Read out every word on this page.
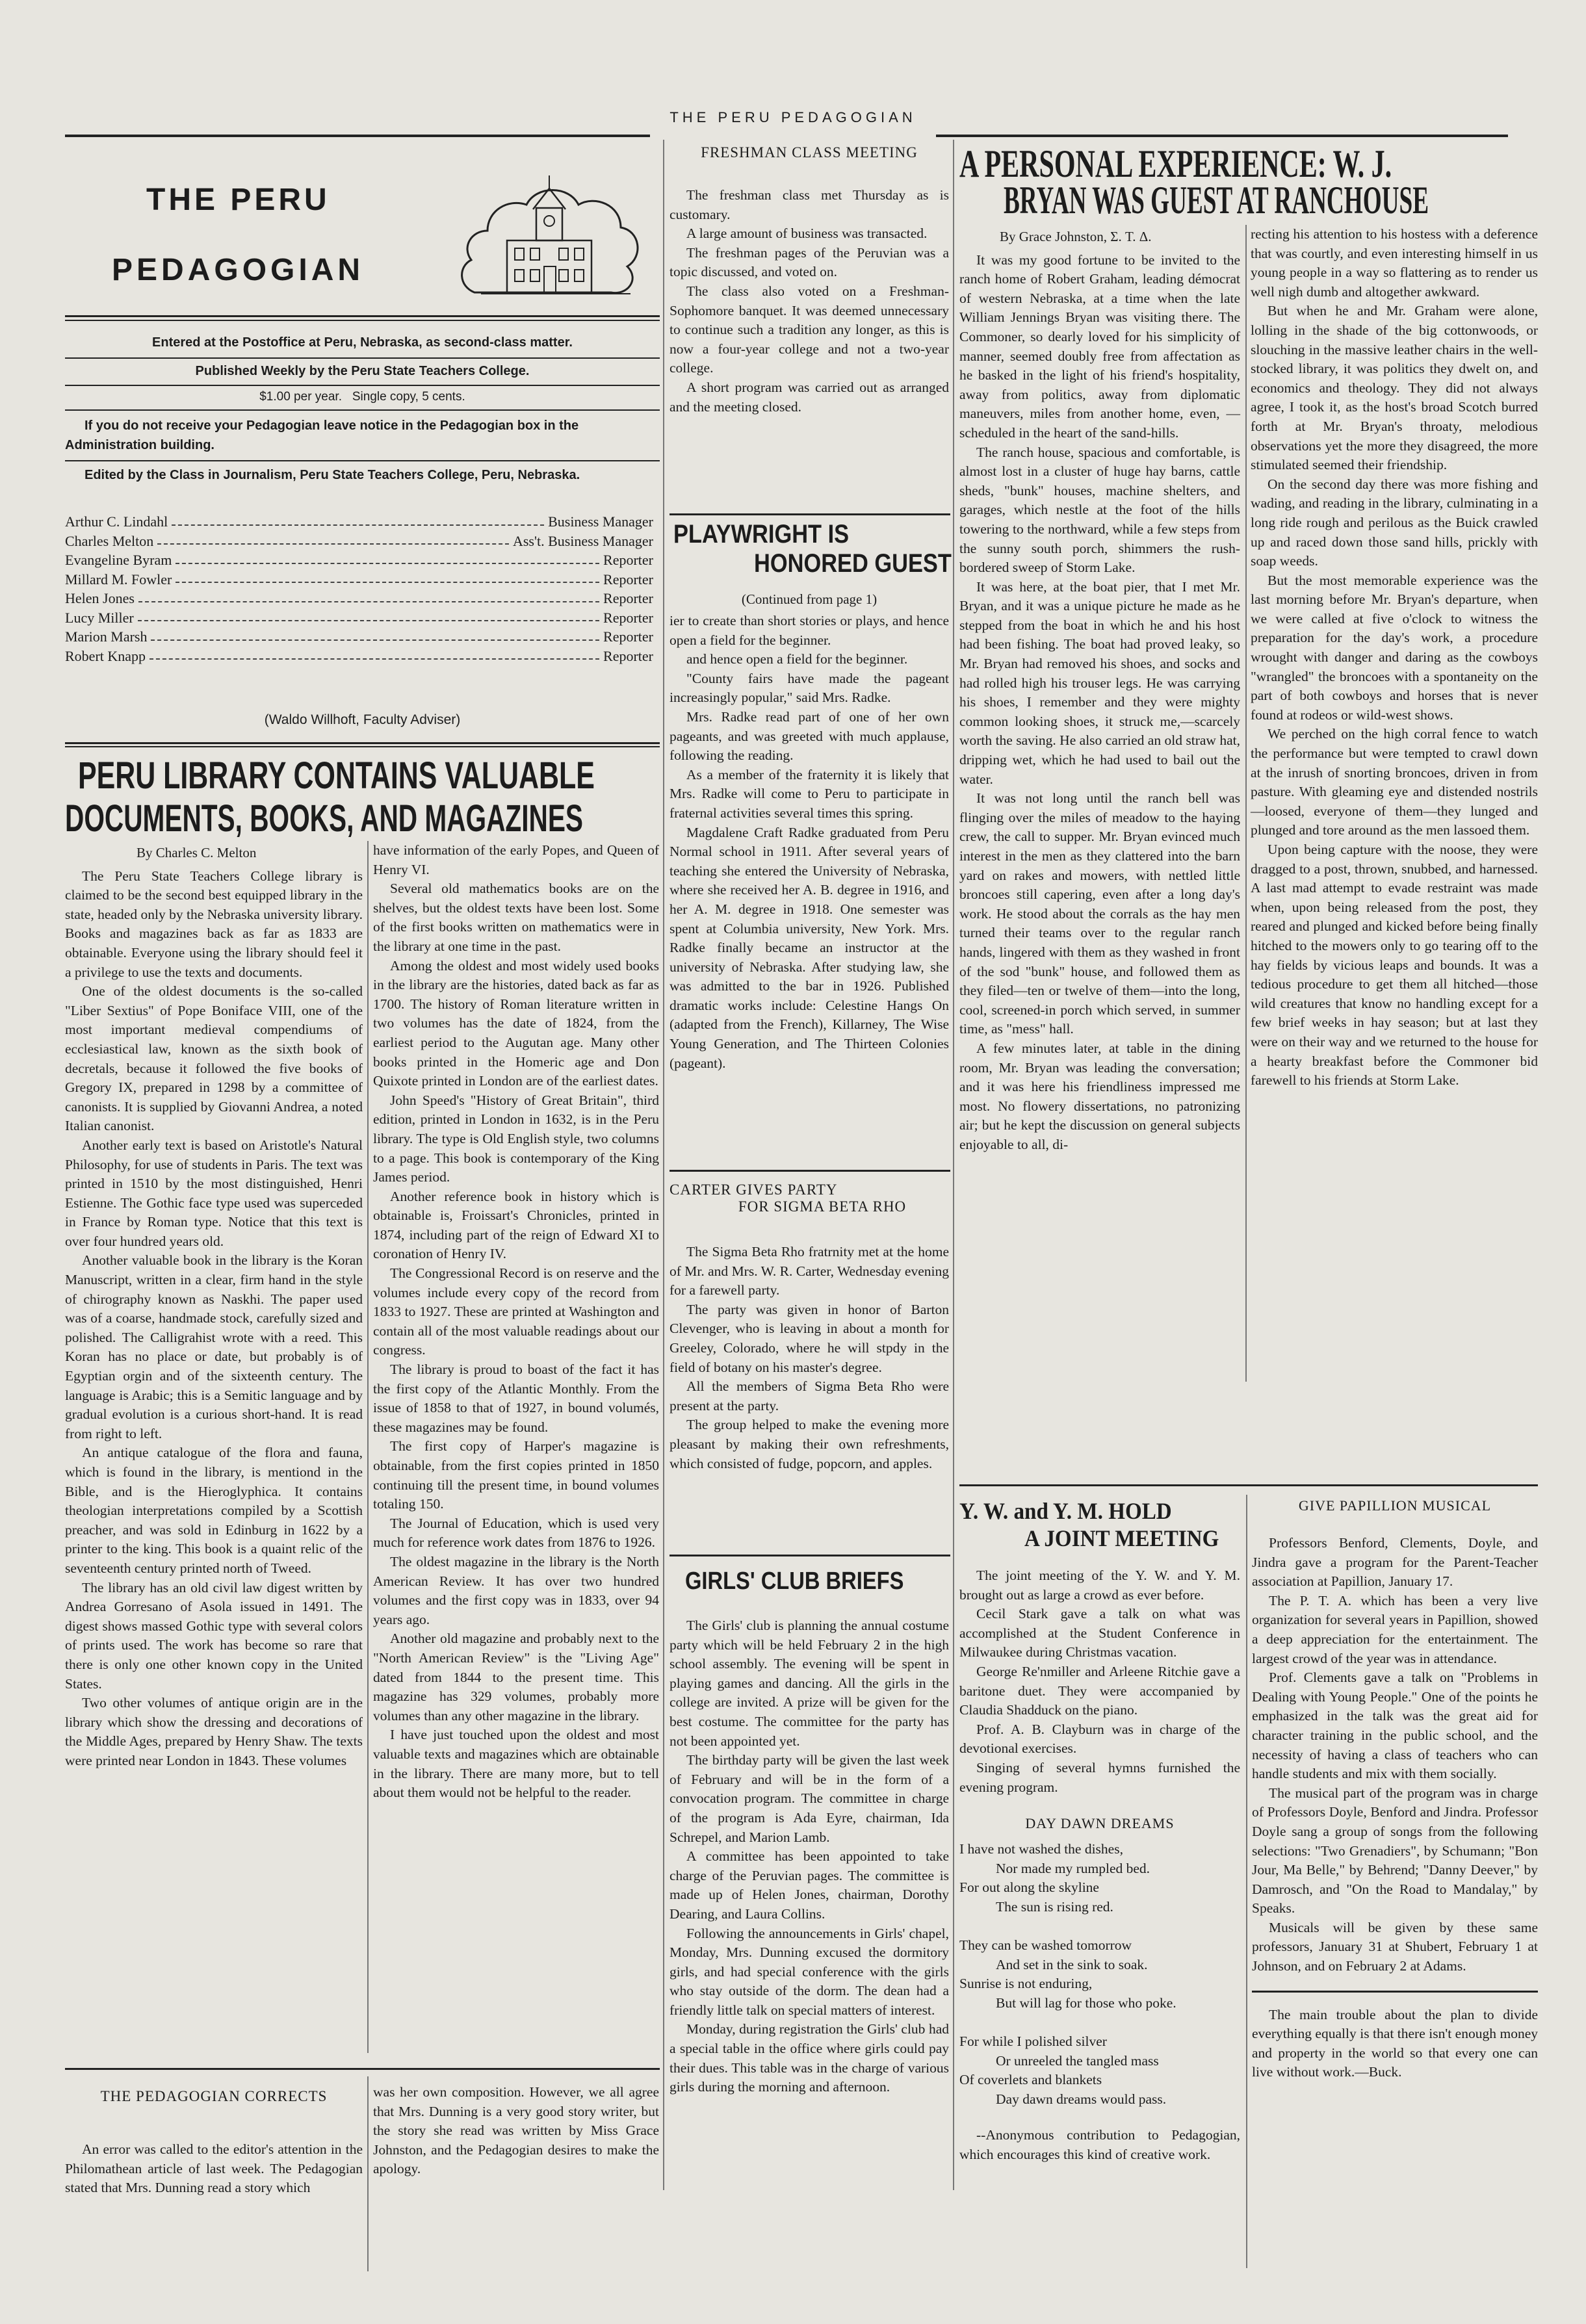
THE PERU PEDAGOGIAN
THE PERU
PEDAGOGIAN
Entered at the Postoffice at Peru, Nebraska, as second-class matter.
Published Weekly by the Peru State Teachers College.
$1.00 per year.   Single copy, 5 cents.
If you do not receive your Pedagogian leave notice in the Pedagogian box in the Administration building.
Edited by the Class in Journalism, Peru State Teachers College, Peru, Nebraska.
Arthur C. Lindahl	Business Manager
Charles Melton	Ass't. Business Manager
Evangeline Byram	Reporter
Millard M. Fowler	Reporter
Helen Jones	Reporter
Lucy Miller	Reporter
Marion Marsh	Reporter
Robert Knapp	Reporter
(Waldo Willhoft, Faculty Adviser)
PERU LIBRARY CONTAINS VALUABLE
DOCUMENTS, BOOKS, AND MAGAZINES
By Charles C. Melton

The Peru State Teachers College library is claimed to be the second best equipped library in the state, headed only by the Nebraska university library. Books and magazines back as far as 1833 are obtainable. Everyone using the library should feel it a privilege to use the texts and documents.

One of the oldest documents is the so-called "Liber Sextius" of Pope Boniface VIII, one of the most important medieval compendiums of ecclesiastical law, known as the sixth book of decretals, because it followed the five books of Gregory IX, prepared in 1298 by a committee of canonists. It is supplied by Giovanni Andrea, a noted Italian canonist.

Another early text is based on Aristotle's Natural Philosophy, for use of students in Paris. The text was printed in 1510 by the most distinguished, Henri Estienne. The Gothic face type used was superceded in France by Roman type. Notice that this text is over four hundred years old.

Another valuable book in the library is the Koran Manuscript, written in a clear, firm hand in the style of chirography known as Naskhi. The paper used was of a coarse, handmade stock, carefully sized and polished. The Calligrahist wrote with a reed. This Koran has no place or date, but probably is of Egyptian orgin and of the sixteenth century. The language is Arabic; this is a Semitic language and by gradual evolution is a curious short-hand. It is read from right to left.

An antique catalogue of the flora and fauna, which is found in the library, is mentiond in the Bible, and is the Hieroglyphica. It contains theologian interpretations compiled by a Scottish preacher, and was sold in Edinburg in 1622 by a printer to the king. This book is a quaint relic of the seventeenth century printed north of Tweed.

The library has an old civil law digest written by Andrea Gorresano of Asola issued in 1491. The digest shows massed Gothic type with several colors of prints used. The work has become so rare that there is only one other known copy in the United States.

Two other volumes of antique origin are in the library which show the dressing and decorations of the Middle Ages, prepared by Henry Shaw. The texts were printed near London in 1843. These volumes

have information of the early Popes, and Queen of Henry VI.

Several old mathematics books are on the shelves, but the oldest texts have been lost. Some of the first books written on mathematics were in the library at one time in the past.

Among the oldest and most widely used books in the library are the histories, dated back as far as 1700. The history of Roman literature written in two volumes has the date of 1824, from the earliest period to the Augutan age. Many other books printed in the Homeric age and Don Quixote printed in London are of the earliest dates.

John Speed's "History of Great Britain", third edition, printed in London in 1632, is in the Peru library. The type is Old English style, two columns to a page. This book is contemporary of the King James period.

Another reference book in history which is obtainable is, Froissart's Chronicles, printed in 1874, including part of the reign of Edward XI to coronation of Henry IV.

The Congressional Record is on reserve and the volumes include every copy of the record from 1833 to 1927. These are printed at Washington and contain all of the most valuable readings about our congress.

The library is proud to boast of the fact it has the first copy of the Atlantic Monthly. From the issue of 1858 to that of 1927, in bound volumés, these magazines may be found.

The first copy of Harper's magazine is obtainable, from the first copies printed in 1850 continuing till the present time, in bound volumes totaling 150.

The Journal of Education, which is used very much for reference work dates from 1876 to 1926.

The oldest magazine in the library is the North American Review. It has over two hundred volumes and the first copy was in 1833, over 94 years ago.

Another old magazine and probably next to the "North American Review" is the "Living Age" dated from 1844 to the present time. This magazine has 329 volumes, probably more volumes than any other magazine in the library.

I have just touched upon the oldest and most valuable texts and magazines which are obtainable in the library. There are many more, but to tell about them would not be helpful to the reader.

THE PEDAGOGIAN CORRECTS

An error was called to the editor's attention in the Philomathean article of last week. The Pedagogian stated that Mrs. Dunning read a story which

was her own composition. However, we all agree that Mrs. Dunning is a very good story writer, but the story she read was written by Miss Grace Johnston, and the Pedagogian desires to make the apology.

FRESHMAN CLASS MEETING

The freshman class met Thursday as is customary.

A large amount of business was transacted.

The freshman pages of the Peruvian was a topic discussed, and voted on.

The class also voted on a Freshman-Sophomore banquet. It was deemed unnecessary to continue such a tradition any longer, as this is now a four-year college and not a two-year college.

A short program was carried out as arranged and the meeting closed.

PLAYWRIGHT IS
HONORED GUEST
(Continued from page 1)

ier to create than short stories or plays, and hence open a field for the beginner.

and hence open a field for the beginner.

"County fairs have made the pageant increasingly popular," said Mrs. Radke.

Mrs. Radke read part of one of her own pageants, and was greeted with much applause, following the reading.

As a member of the fraternity it is likely that Mrs. Radke will come to Peru to participate in fraternal activities several times this spring.

Magdalene Craft Radke graduated from Peru Normal school in 1911. After several years of teaching she entered the University of Nebraska, where she received her A. B. degree in 1916, and her A. M. degree in 1918. One semester was spent at Columbia university, New York. Mrs. Radke finally became an instructor at the university of Nebraska. After studying law, she was admitted to the bar in 1926. Published dramatic works include: Celestine Hangs On (adapted from the French), Killarney, The Wise Young Generation, and The Thirteen Colonies (pageant).

CARTER GIVES PARTY
FOR SIGMA BETA RHO

The Sigma Beta Rho fratrnity met at the home of Mr. and Mrs. W. R. Carter, Wednesday evening for a farewell party.

The party was given in honor of Barton Clevenger, who is leaving in about a month for Greeley, Colorado, where he will stpdy in the field of botany on his master's degree.

All the members of Sigma Beta Rho were present at the party.

The group helped to make the evening more pleasant by making their own refreshments, which consisted of fudge, popcorn, and apples.

GIRLS' CLUB BRIEFS

The Girls' club is planning the annual costume party which will be held February 2 in the high school assembly. The evening will be spent in playing games and dancing. All the girls in the college are invited. A prize will be given for the best costume. The committee for the party has not been appointed yet.

The birthday party will be given the last week of February and will be in the form of a convocation program. The committee in charge of the program is Ada Eyre, chairman, Ida Schrepel, and Marion Lamb.

A committee has been appointed to take charge of the Peruvian pages. The committee is made up of Helen Jones, chairman, Dorothy Dearing, and Laura Collins.

Following the announcements in Girls' chapel, Monday, Mrs. Dunning excused the dormitory girls, and had special conference with the girls who stay outside of the dorm. The dean had a friendly little talk on special matters of interest.

Monday, during registration the Girls' club had a special table in the office where girls could pay their dues. This table was in the charge of various girls during the morning and afternoon.

A PERSONAL EXPERIENCE: W. J.
BRYAN WAS GUEST AT RANCHOUSE
By Grace Johnston, Σ. T. Δ.

It was my good fortune to be invited to the ranch home of Robert Graham, leading démocrat of western Nebraska, at a time when the late William Jennings Bryan was visiting there. The Commoner, so dearly loved for his simplicity of manner, seemed doubly free from affectation as he basked in the light of his friend's hospitality, away from politics, away from diplomatic maneuvers, miles from another home, even, —scheduled in the heart of the sand-hills.

The ranch house, spacious and comfortable, is almost lost in a cluster of huge hay barns, cattle sheds, "bunk" houses, machine shelters, and garages, which nestle at the foot of the hills towering to the northward, while a few steps from the sunny south porch, shimmers the rush-bordered sweep of Storm Lake.

It was here, at the boat pier, that I met Mr. Bryan, and it was a unique picture he made as he stepped from the boat in which he and his host had been fishing. The boat had proved leaky, so Mr. Bryan had removed his shoes, and socks and had rolled high his trouser legs. He was carrying his shoes, I remember and they were mighty common looking shoes, it struck me,—scarcely worth the saving. He also carried an old straw hat, dripping wet, which he had used to bail out the water.

It was not long until the ranch bell was flinging over the miles of meadow to the haying crew, the call to supper. Mr. Bryan evinced much interest in the men as they clattered into the barn yard on rakes and mowers, with nettled little broncoes still capering, even after a long day's work. He stood about the corrals as the hay men turned their teams over to the regular ranch hands, lingered with them as they washed in front of the sod "bunk" house, and followed them as they filed—ten or twelve of them—into the long, cool, screened-in porch which served, in summer time, as "mess" hall.

A few minutes later, at table in the dining room, Mr. Bryan was leading the conversation; and it was here his friendliness impressed me most. No flowery dissertations, no patronizing air; but he kept the discussion on general subjects enjoyable to all, di-

recting his attention to his hostess with a deference that was courtly, and even interesting himself in us young people in a way so flattering as to render us well nigh dumb and altogether awkward.

But when he and Mr. Graham were alone, lolling in the shade of the big cottonwoods, or slouching in the massive leather chairs in the well-stocked library, it was politics they dwelt on, and economics and theology. They did not always agree, I took it, as the host's broad Scotch burred forth at Mr. Bryan's throaty, melodious observations yet the more they disagreed, the more stimulated seemed their friendship.

On the second day there was more fishing and wading, and reading in the library, culminating in a long ride rough and perilous as the Buick crawled up and raced down those sand hills, prickly with soap weeds.

But the most memorable experience was the last morning before Mr. Bryan's departure, when we were called at five o'clock to witness the preparation for the day's work, a procedure wrought with danger and daring as the cowboys "wrangled" the broncoes with a spontaneity on the part of both cowboys and horses that is never found at rodeos or wild-west shows.

We perched on the high corral fence to watch the performance but were tempted to crawl down at the inrush of snorting broncoes, driven in from pasture. With gleaming eye and distended nostrils—loosed, everyone of them—they lunged and plunged and tore around as the men lassoed them.

Upon being capture with the noose, they were dragged to a post, thrown, snubbed, and harnessed. A last mad attempt to evade restraint was made when, upon being released from the post, they reared and plunged and kicked before being finally hitched to the mowers only to go tearing off to the hay fields by vicious leaps and bounds. It was a tedious procedure to get them all hitched—those wild creatures that know no handling except for a few brief weeks in hay season; but at last they were on their way and we returned to the house for a hearty breakfast before the Commoner bid farewell to his friends at Storm Lake.

Y. W. and Y. M. HOLD
A JOINT MEETING

The joint meeting of the Y. W. and Y. M. brought out as large a crowd as ever before.

Cecil Stark gave a talk on what was accomplished at the Student Conference in Milwaukee during Christmas vacation.

George Re'nmiller and Arleene Ritchie gave a baritone duet. They were accompanied by Claudia Shadduck on the piano.

Prof. A. B. Clayburn was in charge of the devotional exercises.

Singing of several hymns furnished the evening program.

DAY DAWN DREAMS
I have not washed the dishes,
Nor made my rumpled bed.
For out along the skyline
The sun is rising red.

They can be washed tomorrow
And set in the sink to soak.
Sunrise is not enduring,
But will lag for those who poke.

For while I polished silver
Or unreeled the tangled mass
Of coverlets and blankets
Day dawn dreams would pass.

--Anonymous contribution to Pedagogian, which encourages this kind of creative work.

GIVE PAPILLION MUSICAL

Professors Benford, Clements, Doyle, and Jindra gave a program for the Parent-Teacher association at Papillion, January 17.

The P. T. A. which has been a very live organization for several years in Papillion, showed a deep appreciation for the entertainment. The largest crowd of the year was in attendance.

Prof. Clements gave a talk on "Problems in Dealing with Young People." One of the points he emphasized in the talk was the great aid for character training in the public school, and the necessity of having a class of teachers who can handle students and mix with them socially.

The musical part of the program was in charge of Professors Doyle, Benford and Jindra. Professor Doyle sang a group of songs from the following selections: "Two Grenadiers", by Schumann; "Bon Jour, Ma Belle," by Behrend; "Danny Deever," by Damrosch, and "On the Road to Mandalay," by Speaks.

Musicals will be given by these same professors, January 31 at Shubert, February 1 at Johnson, and on February 2 at Adams.

The main trouble about the plan to divide everything equally is that there isn't enough money and property in the world so that every one can live without work.—Buck.
